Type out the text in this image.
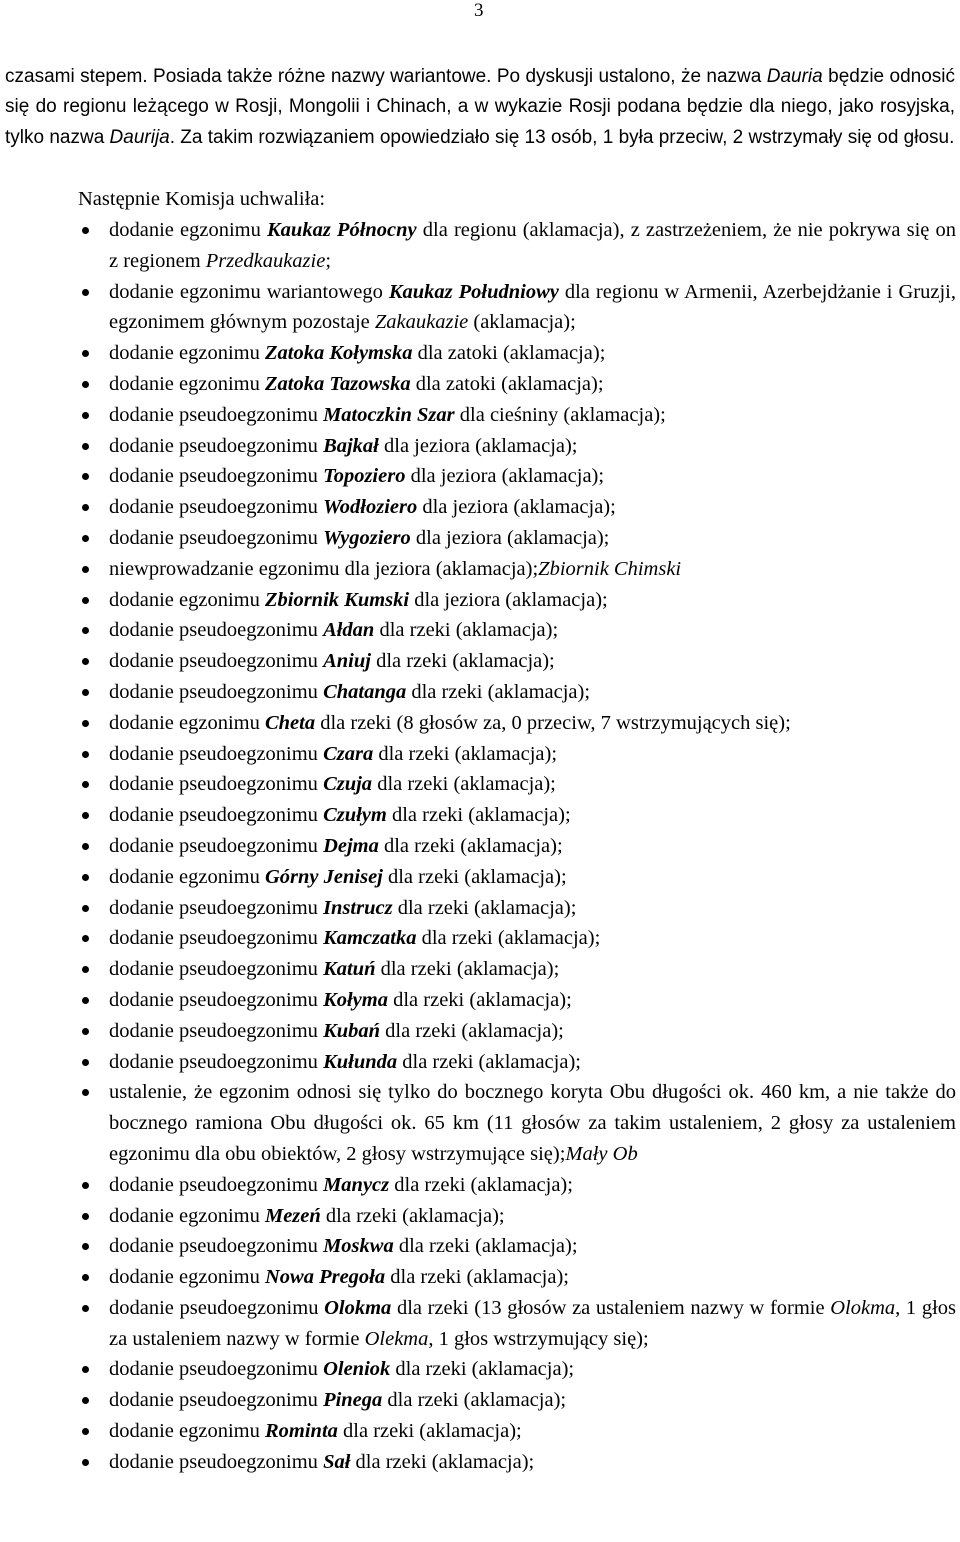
3

czasami stepem. Posiada także różne nazwy wariantowe. Po dyskusji ustalono, że nazwa Dauria będzie odnosić się do regionu leżącego w Rosji, Mongolii i Chinach, a w wykazie Rosji podana będzie dla niego, jako rosyjska, tylko nazwa Daurija. Za takim rozwiązaniem opowiedziało się 13 osób, 1 była przeciw, 2 wstrzymały się od głosu.

Następnie Komisja uchwaliła:

dodanie egzonimu Kaukaz Północny dla regionu (aklamacja), z zastrzeżeniem, że nie pokrywa się on z regionem Przedkaukazie;
dodanie egzonimu wariantowego Kaukaz Południowy dla regionu w Armenii, Azerbejdżanie i Gruzji, egzonimem głównym pozostaje Zakaukazie (aklamacja);
dodanie egzonimu Zatoka Kołymska dla zatoki (aklamacja);
dodanie egzonimu Zatoka Tazowska dla zatoki (aklamacja);
dodanie pseudoegzonimu Matoczkin Szar dla cieśniny (aklamacja);
dodanie pseudoegzonimu Bajkał dla jeziora (aklamacja);
dodanie pseudoegzonimu Topoziero dla jeziora (aklamacja);
dodanie pseudoegzonimu Wodłoziero dla jeziora (aklamacja);
dodanie pseudoegzonimu Wygoziero dla jeziora (aklamacja);
niewprowadzanie egzonimu dla jeziora (aklamacja);Zbiornik Chimski
dodanie egzonimu Zbiornik Kumski dla jeziora (aklamacja);
dodanie pseudoegzonimu Ałdan dla rzeki (aklamacja);
dodanie pseudoegzonimu Aniuj dla rzeki (aklamacja);
dodanie pseudoegzonimu Chatanga dla rzeki (aklamacja);
dodanie egzonimu Cheta dla rzeki (8 głosów za, 0 przeciw, 7 wstrzymujących się);
dodanie pseudoegzonimu Czara dla rzeki (aklamacja);
dodanie pseudoegzonimu Czuja dla rzeki (aklamacja);
dodanie pseudoegzonimu Czułym dla rzeki (aklamacja);
dodanie pseudoegzonimu Dejma dla rzeki (aklamacja);
dodanie egzonimu Górny Jenisej dla rzeki (aklamacja);
dodanie pseudoegzonimu Instrucz dla rzeki (aklamacja);
dodanie pseudoegzonimu Kamczatka dla rzeki (aklamacja);
dodanie pseudoegzonimu Katuń dla rzeki (aklamacja);
dodanie pseudoegzonimu Kołyma dla rzeki (aklamacja);
dodanie pseudoegzonimu Kubań dla rzeki (aklamacja);
dodanie pseudoegzonimu Kułunda dla rzeki (aklamacja);
ustalenie, że egzonim odnosi się tylko do bocznego koryta Obu długości ok. 460 km, a nie także do bocznego ramiona Obu długości ok. 65 km (11 głosów za takim ustaleniem, 2 głosy za ustaleniem egzonimu dla obu obiektów, 2 głosy wstrzymujące się);Mały Ob
dodanie pseudoegzonimu Manycz dla rzeki (aklamacja);
dodanie egzonimu Mezeń dla rzeki (aklamacja);
dodanie pseudoegzonimu Moskwa dla rzeki (aklamacja);
dodanie egzonimu Nowa Pregoła dla rzeki (aklamacja);
dodanie pseudoegzonimu Olokma dla rzeki (13 głosów za ustaleniem nazwy w formie Olokma, 1 głos za ustaleniem nazwy w formie Olekma, 1 głos wstrzymujący się);
dodanie pseudoegzonimu Oleniok dla rzeki (aklamacja);
dodanie pseudoegzonimu Pinega dla rzeki (aklamacja);
dodanie egzonimu Rominta dla rzeki (aklamacja);
dodanie pseudoegzonimu Sał dla rzeki (aklamacja);
